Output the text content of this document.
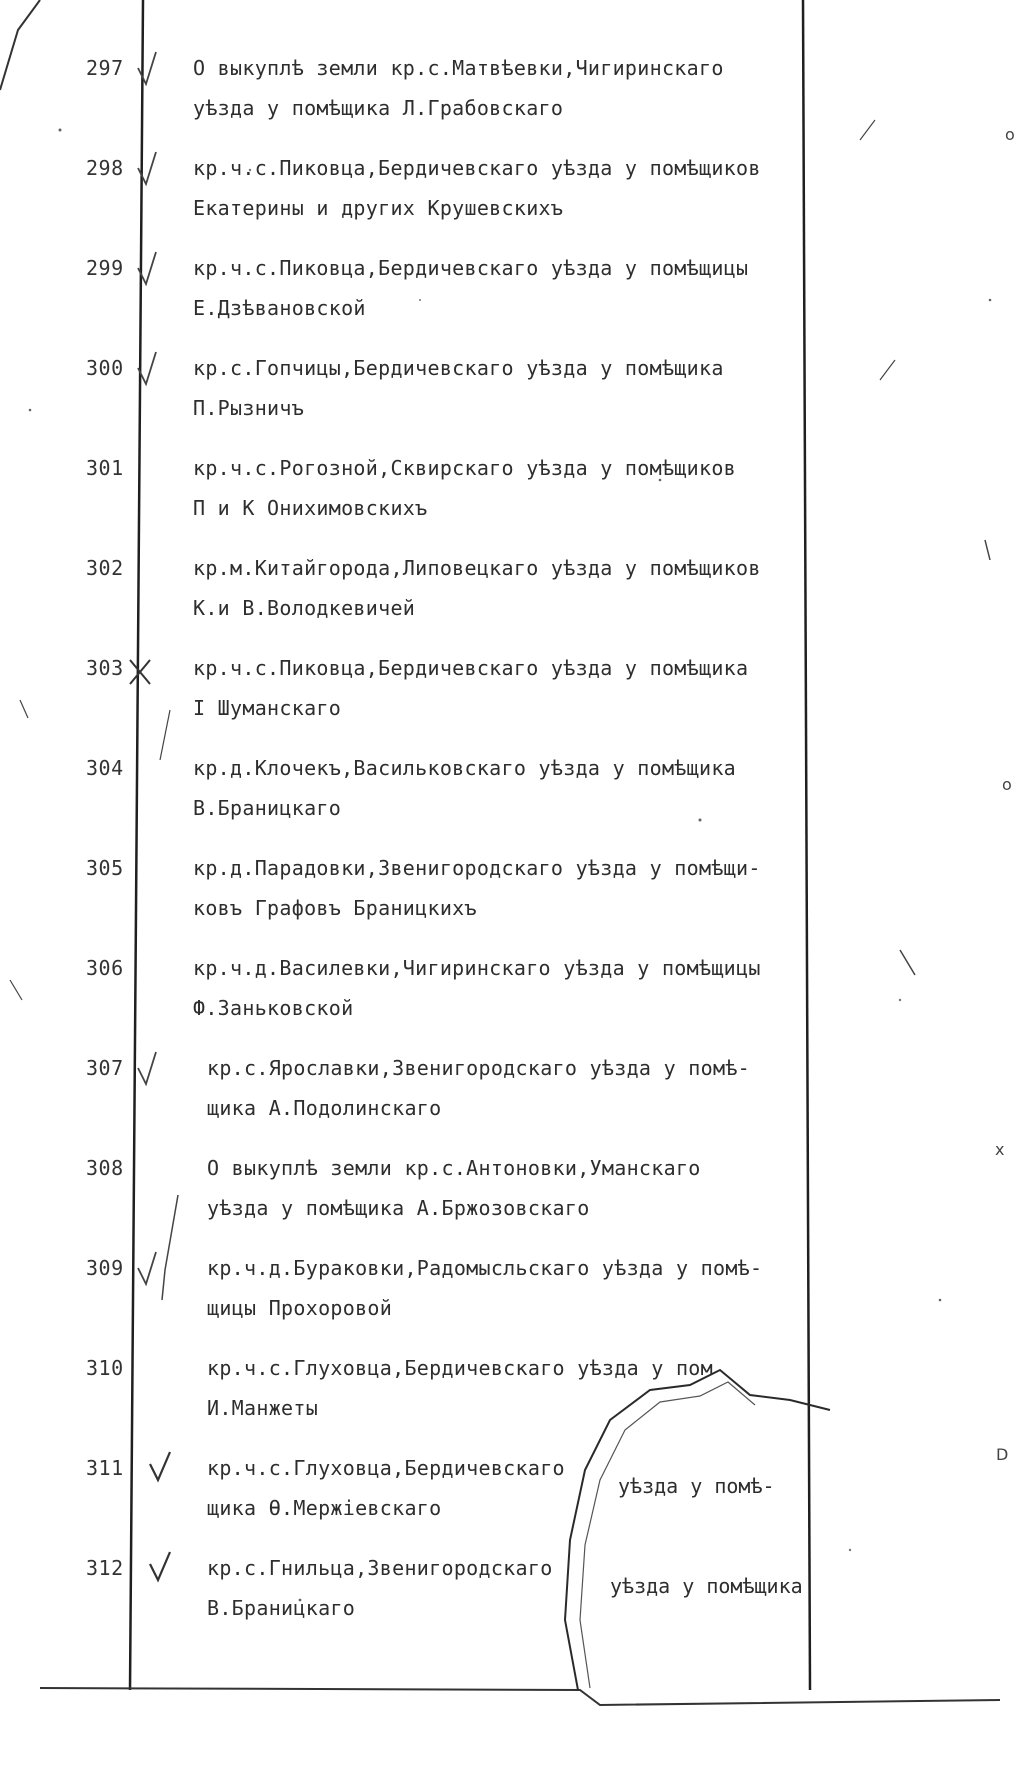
o
o
D
x
297	О выкуплѣ земли кр.с.Матвѣевки,Чигиринскаго
уѣзда у помѣщика Л.Грабовскаго
298	кр.ч.с.Пиковца,Бердичевскаго уѣзда у помѣщиков
Екатерины и других Крушевскихъ
299	кр.ч.с.Пиковца,Бердичевскаго уѣзда у помѣщицы
Е.Дзѣвановской
300	кр.с.Гопчицы,Бердичевскаго уѣзда у помѣщика
П.Рызничъ
301	кр.ч.с.Рогозной,Сквирскаго уѣзда у помѣщиков
П и К Онихимовскихъ
302	кр.м.Китайгорода,Липовецкаго уѣзда у помѣщиков
К.и В.Володкевичей
303	кр.ч.с.Пиковца,Бердичевскаго уѣзда у помѣщика
І Шуманскаго
304	кр.д.Клочекъ,Васильковскаго уѣзда у помѣщика
В.Браницкаго
305	кр.д.Парадовки,Звенигородскаго уѣзда у помѣщи-
ковъ Графовъ Браницкихъ
306	кр.ч.д.Василевки,Чигиринскаго уѣзда у помѣщицы
Ф.Заньковской
307	кр.с.Ярославки,Звенигородскаго уѣзда у помѣ-
щика А.Подолинскаго
308	О выкуплѣ земли кр.с.Антоновки,Уманскаго
уѣзда у помѣщика А.Бржозовскаго
309	кр.ч.д.Бураковки,Радомысльскаго уѣзда у помѣ-
щицы Прохоровой
310	кр.ч.с.Глуховца,Бердичевскаго уѣзда у пом
И.Манжеты
311	кр.ч.с.Глуховца,Бердичевскаго
щика Ѳ.Мержіевскаго
уѣзда у помѣ-
312	кр.с.Гнильца,Звенигородскаго
В.Браницкаго
уѣзда у помѣщика
